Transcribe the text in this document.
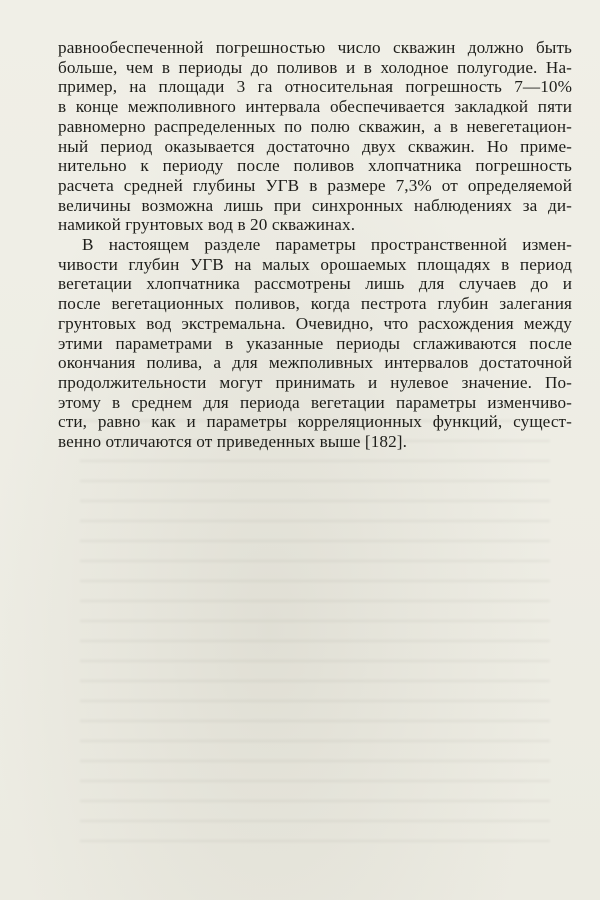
равнообеспеченной погрешностью число скважин должно быть
больше, чем в периоды до поливов и в холодное полугодие. На-
пример, на площади 3 га относительная погрешность 7—10%
в конце межполивного интервала обеспечивается закладкой пяти
равномерно распределенных по полю скважин, а в невегетацион-
ный период оказывается достаточно двух скважин. Но приме-
нительно к периоду после поливов хлопчатника погрешность
расчета средней глубины УГВ в размере 7,3% от определяемой
величины возможна лишь при синхронных наблюдениях за ди-
намикой грунтовых вод в 20 скважинах.

В настоящем разделе параметры пространственной измен-
чивости глубин УГВ на малых орошаемых площадях в период
вегетации хлопчатника рассмотрены лишь для случаев до и
после вегетационных поливов, когда пестрота глубин залегания
грунтовых вод экстремальна. Очевидно, что расхождения между
этими параметрами в указанные периоды сглаживаются после
окончания полива, а для межполивных интервалов достаточной
продолжительности могут принимать и нулевое значение. По-
этому в среднем для периода вегетации параметры изменчиво-
сти, равно как и параметры корреляционных функций, сущест-
венно отличаются от приведенных выше [182].
